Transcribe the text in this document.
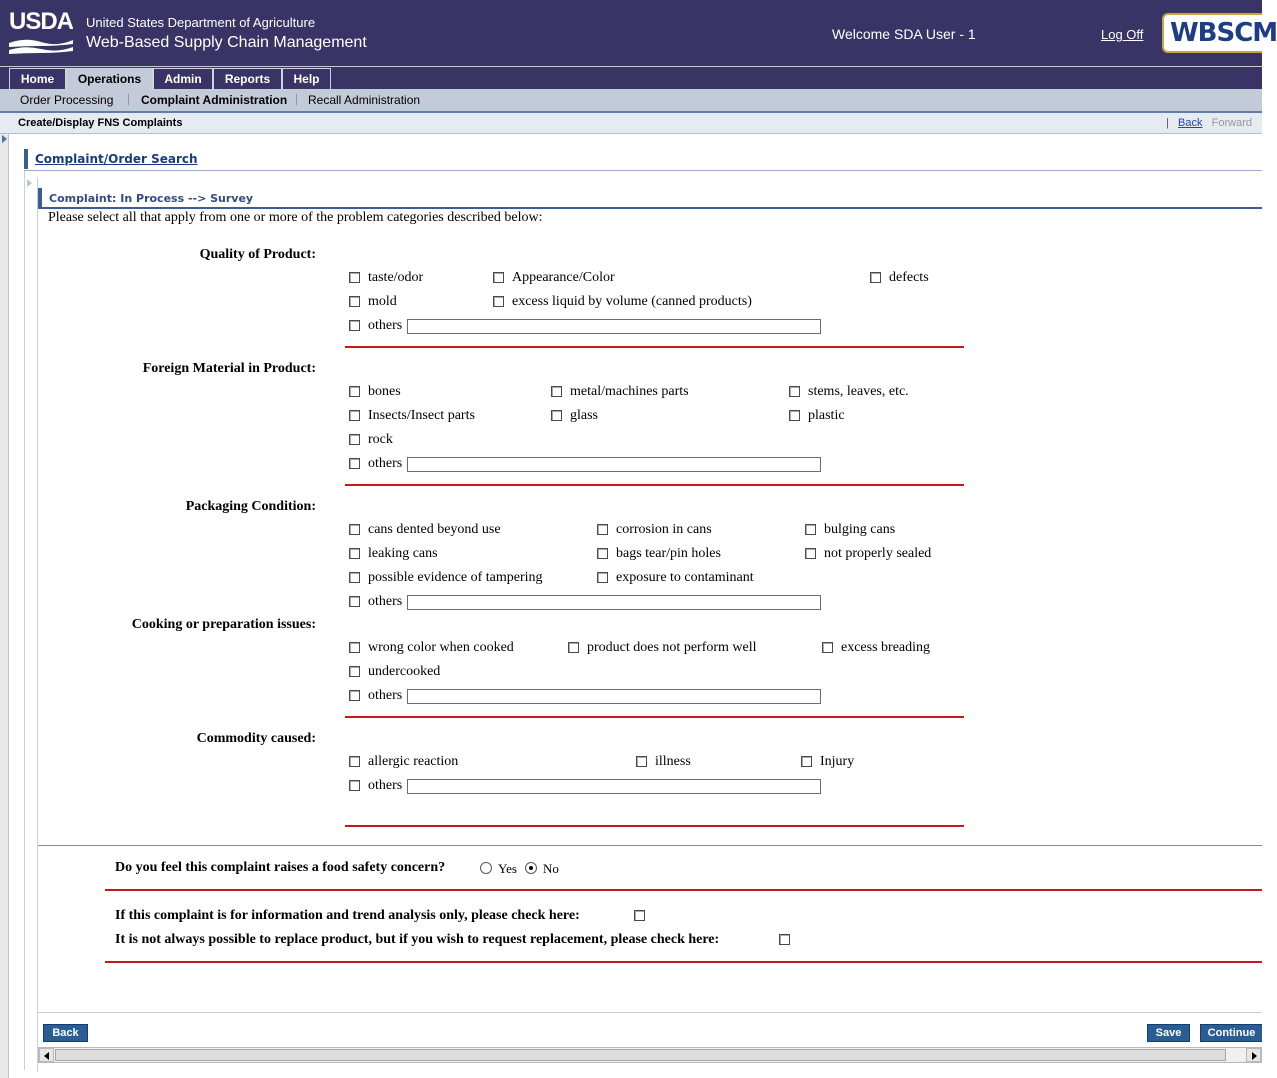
USDA United States Department of Agriculture
Web-Based Supply Chain Management	Welcome SDA User - 1	Log Off WBSCM
Home	Operations	Admin	Reports	Help
Order Processing Complaint Administration Recall Administration
Create/Display FNS Complaints	| Back Forward
Complaint/Order Search
Complaint: In Process --> Survey
Please select all that apply from one or more of the problem categories described below:
Quality of Product:
taste/odor	Appearance/Color	defects
mold	excess liquid by volume (canned products)
others
Foreign Material in Product:
bones	metal/machines parts	stems, leaves, etc.
Insects/Insect parts	glass	plastic
rock
others
Packaging Condition:
cans dented beyond use	corrosion in cans	bulging cans
leaking cans	bags tear/pin holes	not properly sealed
possible evidence of tampering	exposure to contaminant
others
Cooking or preparation issues:
wrong color when cooked	product does not perform well	excess breading
undercooked
others
Commodity caused:
allergic reaction	illness	Injury
others
Do you feel this complaint raises a food safety concern?	Yes No
If this complaint is for information and trend analysis only, please check here:
It is not always possible to replace product, but if you wish to request replacement, please check here:
Back	Save	Continue
